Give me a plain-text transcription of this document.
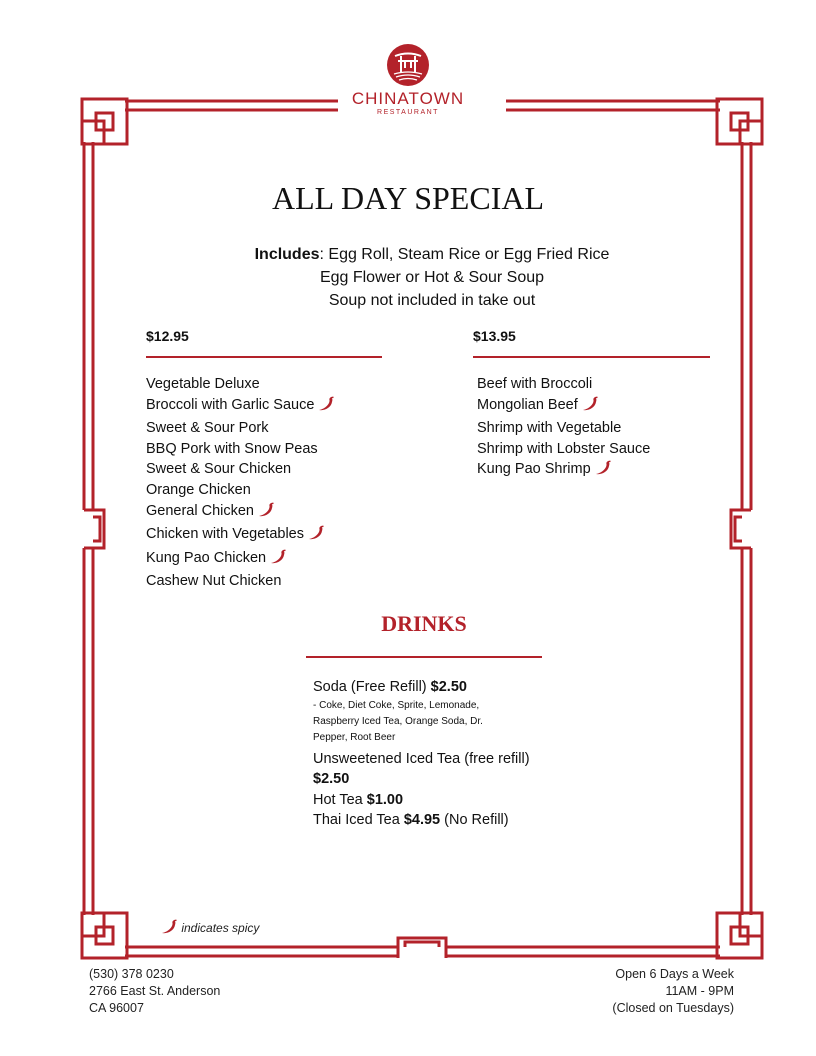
CHINATOWN
RESTAURANT
ALL DAY SPECIAL
Includes: Egg Roll, Steam Rice or Egg Fried Rice
Egg Flower or Hot & Sour Soup
Soup not included in take out
$12.95
Vegetable Deluxe
Broccoli with Garlic Sauce
Sweet & Sour Pork
BBQ Pork with Snow Peas
Sweet & Sour Chicken
Orange Chicken
General Chicken
Chicken with Vegetables
Kung Pao Chicken
Cashew Nut Chicken
$13.95
Beef with Broccoli
Mongolian Beef
Shrimp with Vegetable
Shrimp with Lobster Sauce
Kung Pao Shrimp
DRINKS
Soda (Free Refill) $2.50
- Coke, Diet Coke, Sprite, Lemonade,
Raspberry Iced Tea, Orange Soda, Dr.
Pepper, Root Beer
Unsweetened Iced Tea (free refill)
$2.50
Hot Tea $1.00
Thai Iced Tea $4.95 (No Refill)
indicates spicy
(530) 378 0230
2766 East St. Anderson
CA 96007
Open 6 Days a Week
11AM - 9PM
(Closed on Tuesdays)
